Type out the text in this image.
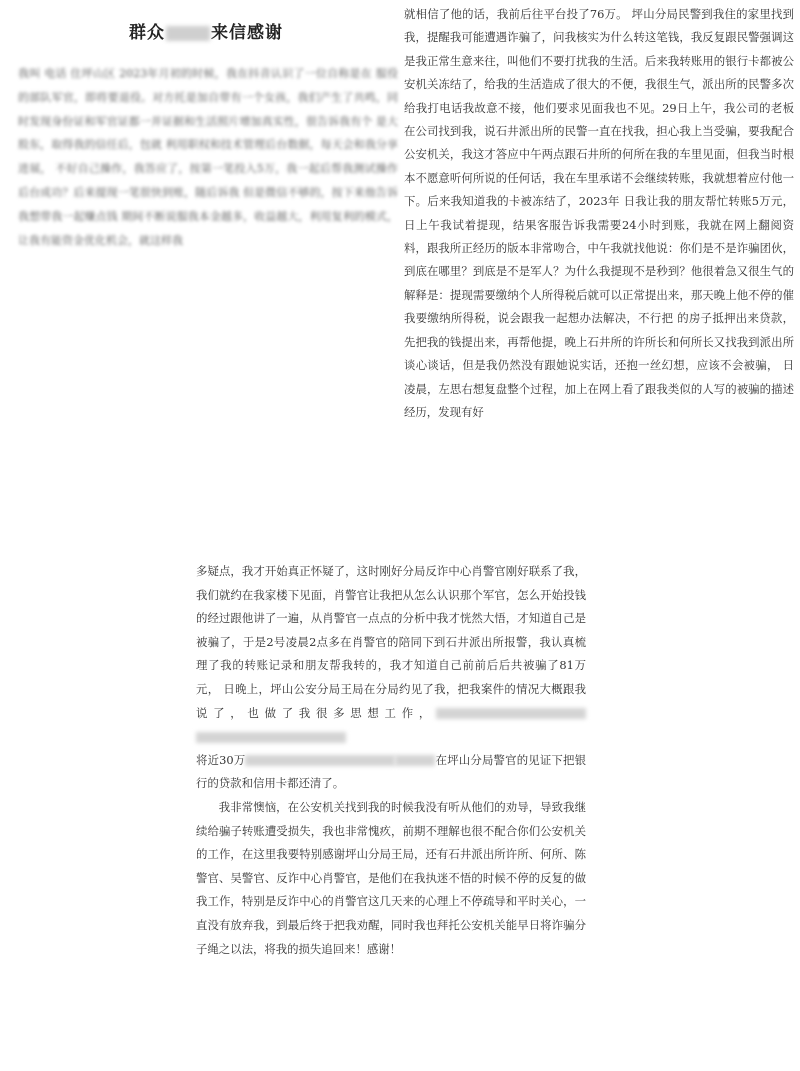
群众	来信感谢
我叫 电话 住坪山区 2023年月初的时候，我在抖音认识了一位自称是在 服役的部队军官，即将要退役。对方托是加自带有一个女孩，我们产生了共鸣，同时发现身份证和军官证都一并证据和生活照片增加真实性，很告诉我有个 是大股东，取得我的信任后，包就 利用职权和技术管理后台数据，每天会和我分享进展， 不好自己操作，我答应了，按第一笔投入5万，我一起后帮我测试操作后台成功？后来提现一笔很快到账，随后诉我 但是微信不够的，按下来他告诉我想带我一起赚点钱 期间不断说服我本金越多，收益越大，利用复利的模式，让我有能资金优化机会，就这样我
就相信了他的话，我前后往平台投了76万。 坪山分局民警到我住的家里找到我，提醒我可能遭遇诈骗了，问我核实为什么转这笔钱，我反复跟民警强调这是我正常生意来往，叫他们不要打扰我的生活。后来我转账用的银行卡都被公安机关冻结了，给我的生活造成了很大的不便，我很生气，派出所的民警多次给我打电话我故意不接，他们要求见面我也不见。29日上午，我公司的老板在公司找到我，说石井派出所的民警一直在找我，担心我上当受骗，要我配合公安机关，我这才答应中午两点跟石井所的何所在我的车里见面，但我当时根本不愿意听何所说的任何话，我在车里承诺不会继续转账，我就想着应付他一下。后来我知道我的卡被冻结了，2023年 日我让我的朋友帮忙转账5万元， 日上午我试着提现，结果客服告诉我需要24小时到账，我就在网上翻阅资料，跟我所正经历的版本非常吻合，中午我就找他说：你们是不是诈骗团伙，到底在哪里？到底是不是军人？为什么我提现不是秒到？他很着急又很生气的解释是：提现需要缴纳个人所得税后就可以正常提出来，那天晚上他不停的催我要缴纳所得税，说会跟我一起想办法解决，不行把 的房子抵押出来贷款，先把我的钱提出来，再帮他提，晚上石井所的许所长和何所长又找我到派出所谈心谈话，但是我仍然没有跟她说实话，还抱一丝幻想，应该不会被骗， 日凌晨，左思右想复盘整个过程，加上在网上看了跟我类似的人写的被骗的描述经历，发现有好

多疑点，我才开始真正怀疑了，这时刚好分局反诈中心肖警官刚好联系了我，我们就约在我家楼下见面，肖警官让我把从怎么认识那个军官，怎么开始投钱的经过跟他讲了一遍，从肖警官一点点的分析中我才恍然大悟，才知道自己是被骗了，于是2号凌晨2点多在肖警官的陪同下到石井派出所报警，我认真梳理了我的转账记录和朋友帮我转的，我才知道自己前前后后共被骗了81万元， 日晚上，坪山公安分局王局在分局约见了我，把我案件的情况大概跟我说了，也做了我很多思想工作，

将近30万	在坪山分局警官的见证下把银行的贷款和信用卡都还清了。

我非常懊恼，在公安机关找到我的时候我没有听从他们的劝导，导致我继续给骗子转账遭受损失，我也非常愧疚，前期不理解也很不配合你们公安机关的工作，在这里我要特别感谢坪山分局王局，还有石井派出所许所、何所、陈警官、吴警官、反诈中心肖警官，是他们在我执迷不悟的时候不停的反复的做我工作，特别是反诈中心的肖警官这几天来的心理上不停疏导和平时关心，一直没有放弃我，到最后终于把我劝醒，同时我也拜托公安机关能早日将诈骗分子绳之以法，将我的损失追回来！感谢！
